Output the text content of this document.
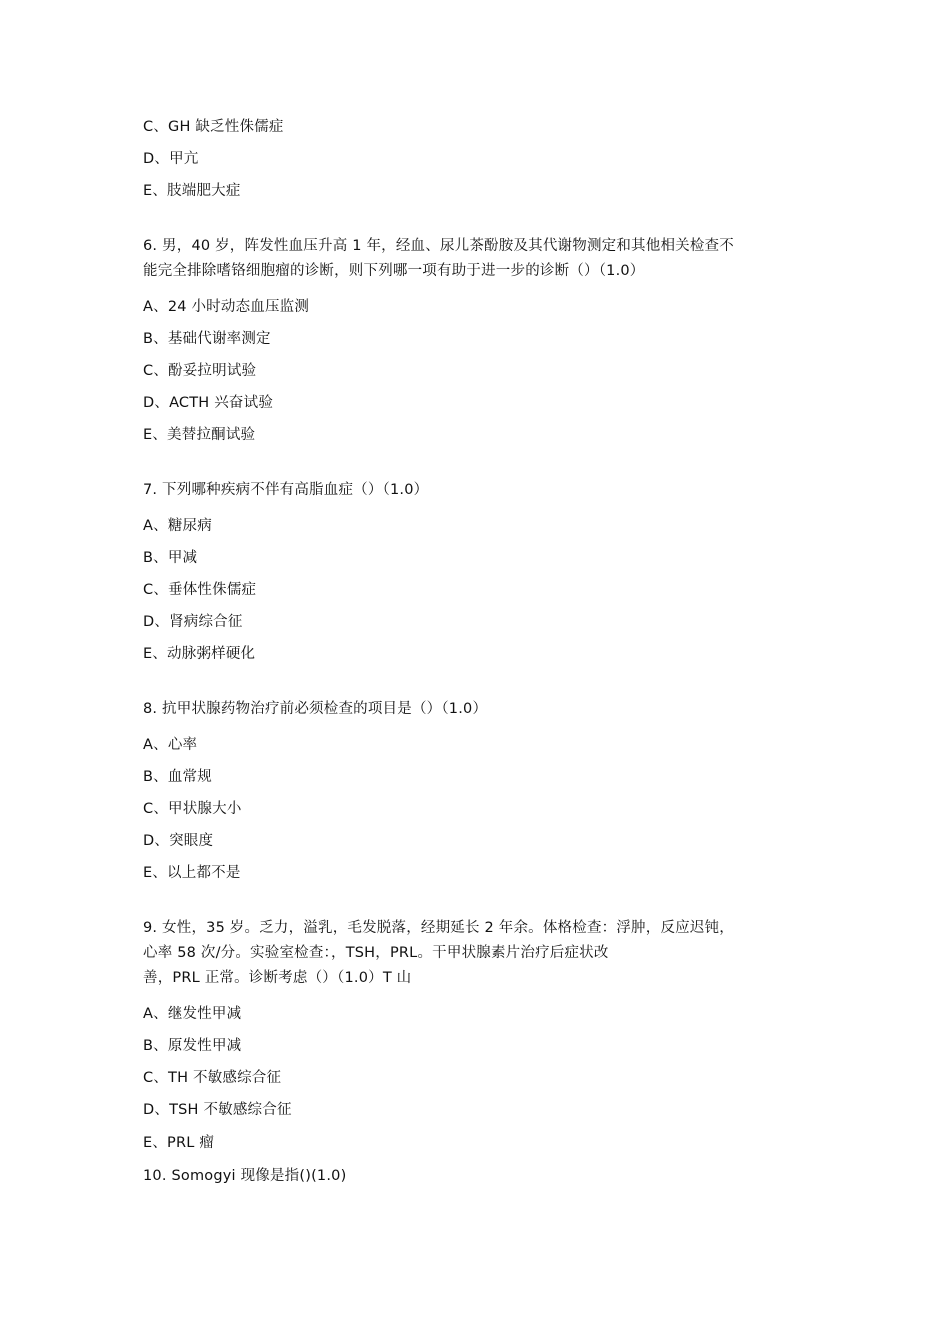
C、GH 缺乏性侏儒症
D、甲亢
E、肢端肥大症
6. 男，40 岁，阵发性血压升高 1 年，经血、尿儿茶酚胺及其代谢物测定和其他相关检查不
能完全排除嗜铬细胞瘤的诊断，则下列哪一项有助于进一步的诊断（）（1.0）
A、24 小时动态血压监测
B、基础代谢率测定
C、酚妥拉明试验
D、ACTH 兴奋试验
E、美替拉酮试验
7. 下列哪种疾病不伴有高脂血症（）（1.0）
A、糖尿病
B、甲减
C、垂体性侏儒症
D、肾病综合征
E、动脉粥样硬化
8. 抗甲状腺药物治疗前必须检查的项目是（）（1.0）
A、心率
B、血常规
C、甲状腺大小
D、突眼度
E、以上都不是
9. 女性，35 岁。乏力，溢乳，毛发脱落，经期延长 2 年余。体格检查：浮肿，反应迟钝，
心率 58 次/分。实验室检查：，TSH，PRL。干甲状腺素片治疗后症状改
善，PRL 正常。诊断考虑（）（1.0）T 山
A、继发性甲减
B、原发性甲减
C、TH 不敏感综合征
D、TSH 不敏感综合征
E、PRL 瘤
10. Somogyi 现像是指()(1.0)
